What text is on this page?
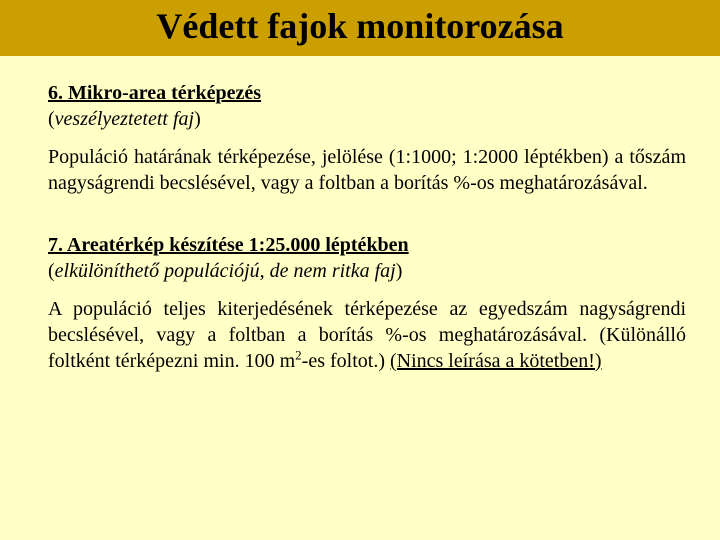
Védett fajok monitorozása
6. Mikro-area térképezés
(veszélyeztetett faj)
Populáció határának térképezése, jelölése (1:1000; 1:2000 léptékben) a tőszám nagyságrendi becslésével, vagy a foltban a borítás %-os meghatározásával.
7. Areatérkép készítése 1:25.000 léptékben
(elkülöníthető populációjú, de nem ritka faj)
A populáció teljes kiterjedésének térképezése az egyedszám nagyságrendi becslésével, vagy a foltban a borítás %-os meghatározásával. (Különálló foltként térképezni min. 100 $m^2-es$ foltot.) (Nincs leírása a kötetben!)
